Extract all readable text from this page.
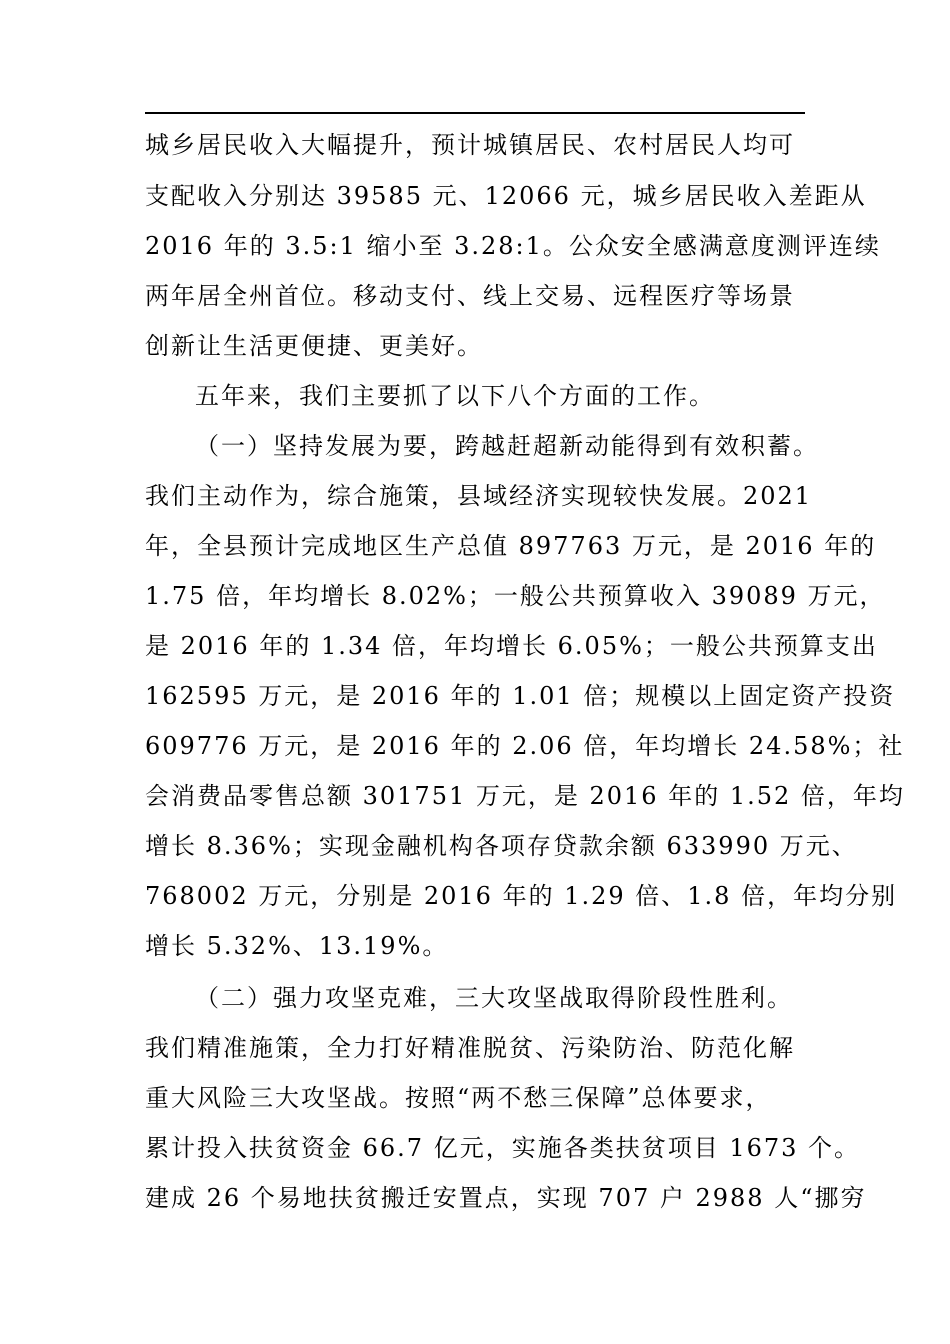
城乡居民收入大幅提升，预计城镇居民、农村居民人均可
支配收入分别达 39585 元、12066 元，城乡居民收入差距从
2016 年的 3.5:1 缩小至 3.28:1。公众安全感满意度测评连续
两年居全州首位。移动支付、线上交易、远程医疗等场景
创新让生活更便捷、更美好。
五年来，我们主要抓了以下八个方面的工作。
（一）坚持发展为要，跨越赶超新动能得到有效积蓄。
我们主动作为，综合施策，县域经济实现较快发展。2021
年，全县预计完成地区生产总值 897763 万元，是 2016 年的
1.75 倍，年均增长 8.02%；一般公共预算收入 39089 万元，
是 2016 年的 1.34 倍，年均增长 6.05%；一般公共预算支出
162595 万元，是 2016 年的 1.01 倍；规模以上固定资产投资
609776 万元，是 2016 年的 2.06 倍，年均增长 24.58%；社
会消费品零售总额 301751 万元，是 2016 年的 1.52 倍，年均
增长 8.36%；实现金融机构各项存贷款余额 633990 万元、
768002 万元，分别是 2016 年的 1.29 倍、1.8 倍，年均分别
增长 5.32%、13.19%。
（二）强力攻坚克难，三大攻坚战取得阶段性胜利。
我们精准施策，全力打好精准脱贫、污染防治、防范化解
重大风险三大攻坚战。按照“两不愁三保障”总体要求，
累计投入扶贫资金 66.7 亿元，实施各类扶贫项目 1673 个。
建成 26 个易地扶贫搬迁安置点，实现 707 户 2988 人“挪穷
